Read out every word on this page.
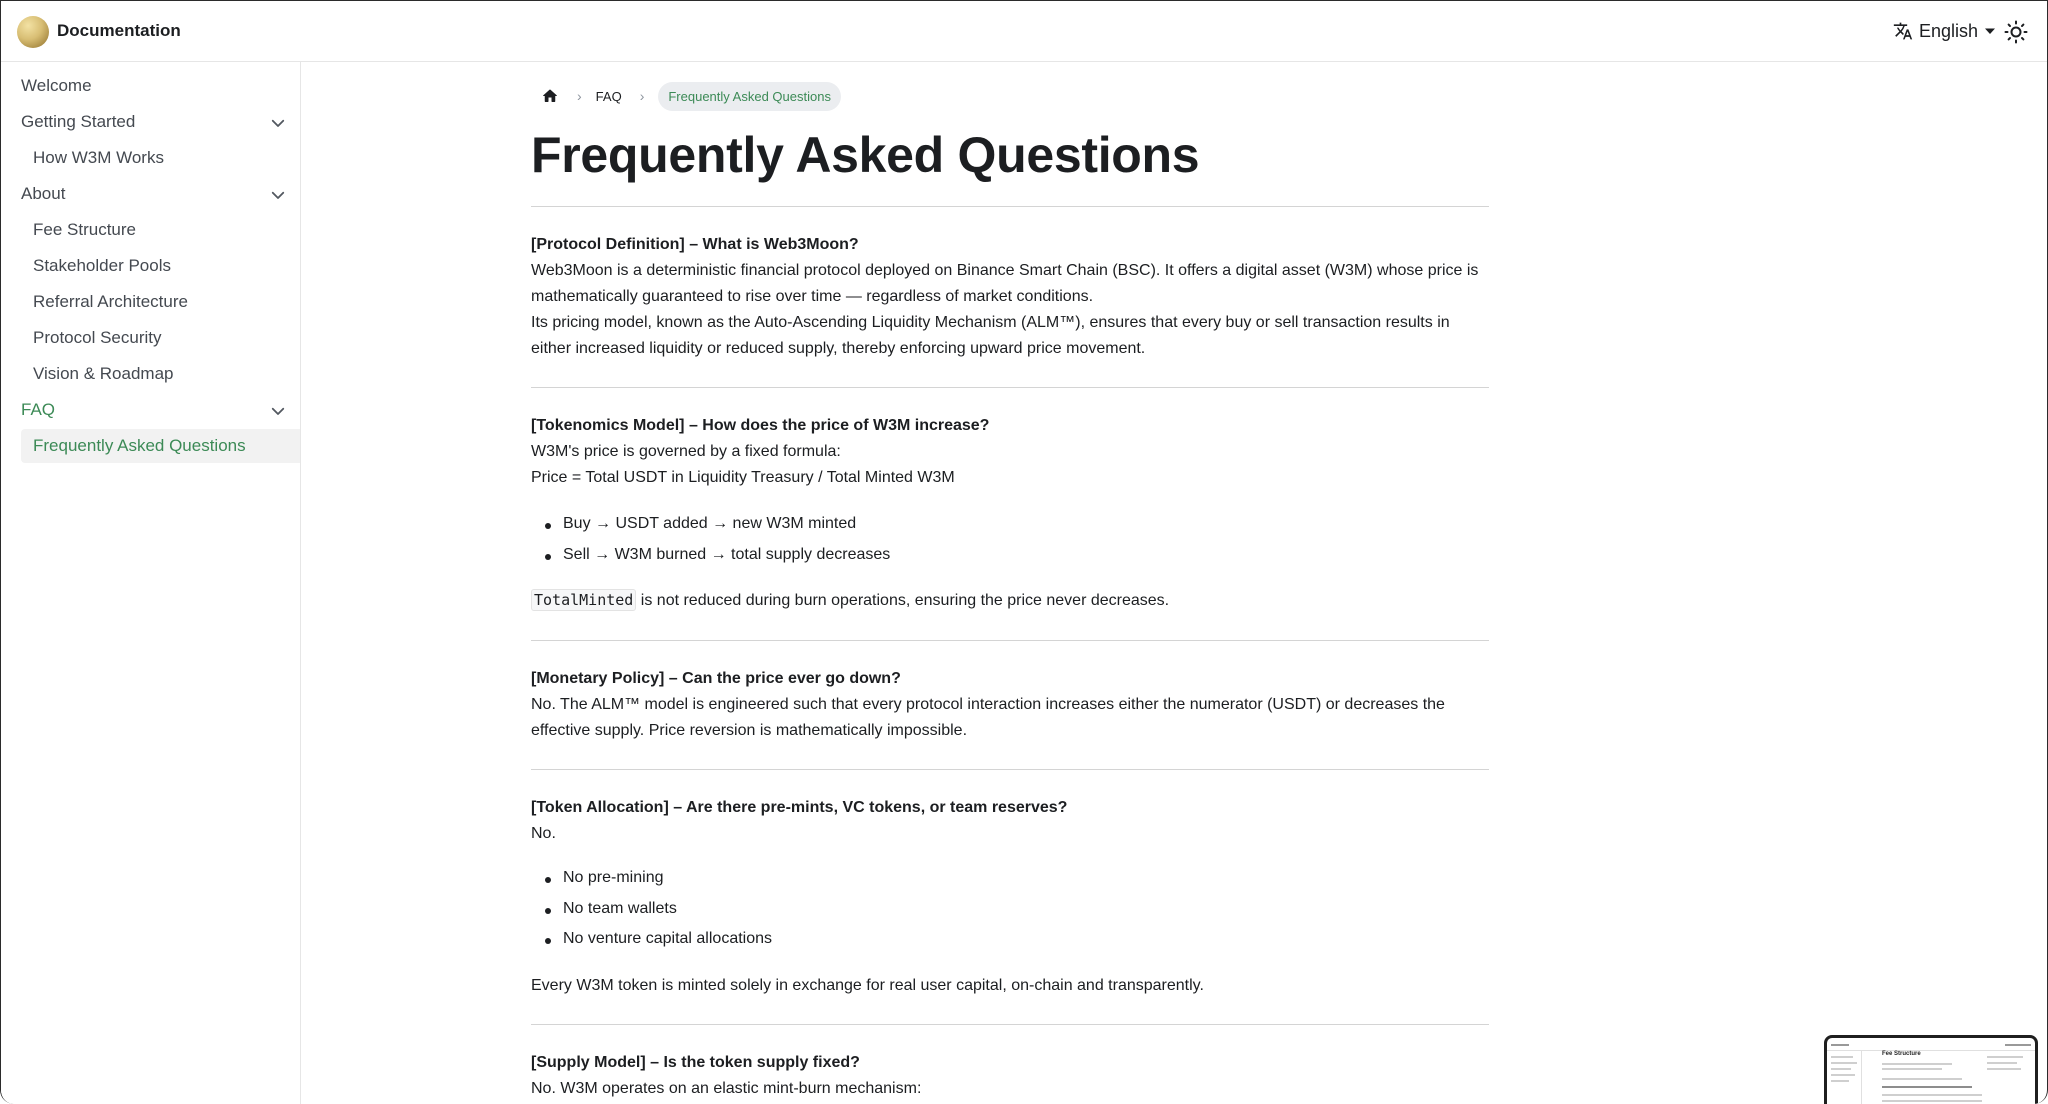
Documentation	English
Welcome
Getting Started
How W3M Works
About
Fee Structure
Stakeholder Pools
Referral Architecture
Protocol Security
Vision & Roadmap
FAQ
Frequently Asked Questions
› FAQ ›	Frequently Asked Questions
Frequently Asked Questions
[Protocol Definition] – What is Web3Moon?
Web3Moon is a deterministic financial protocol deployed on Binance Smart Chain (BSC). It offers a digital asset (W3M) whose price is mathematically guaranteed to rise over time — regardless of market conditions.
Its pricing model, known as the Auto-Ascending Liquidity Mechanism (ALM™), ensures that every buy or sell transaction results in either increased liquidity or reduced supply, thereby enforcing upward price movement.
[Tokenomics Model] – How does the price of W3M increase?
W3M's price is governed by a fixed formula:
Price = Total USDT in Liquidity Treasury / Total Minted W3M
Buy → USDT added → new W3M minted
Sell → W3M burned → total supply decreases
TotalMinted is not reduced during burn operations, ensuring the price never decreases.
[Monetary Policy] – Can the price ever go down?
No. The ALM™ model is engineered such that every protocol interaction increases either the numerator (USDT) or decreases the effective supply. Price reversion is mathematically impossible.
[Token Allocation] – Are there pre-mints, VC tokens, or team reserves?
No.
No pre-mining
No team wallets
No venture capital allocations
Every W3M token is minted solely in exchange for real user capital, on-chain and transparently.
[Supply Model] – Is the token supply fixed?
No. W3M operates on an elastic mint-burn mechanism:
Fee Structure
